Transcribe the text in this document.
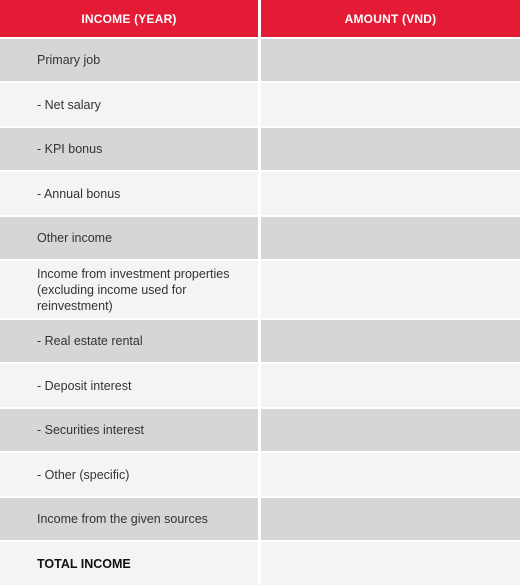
INCOME (YEAR)	AMOUNT (VND)
Primary job
- Net salary
- KPI bonus
- Annual bonus
Other income
Income from investment properties (excluding income used for reinvestment)
- Real estate rental
- Deposit interest
- Securities interest
- Other (specific)
Income from the given sources
TOTAL INCOME
